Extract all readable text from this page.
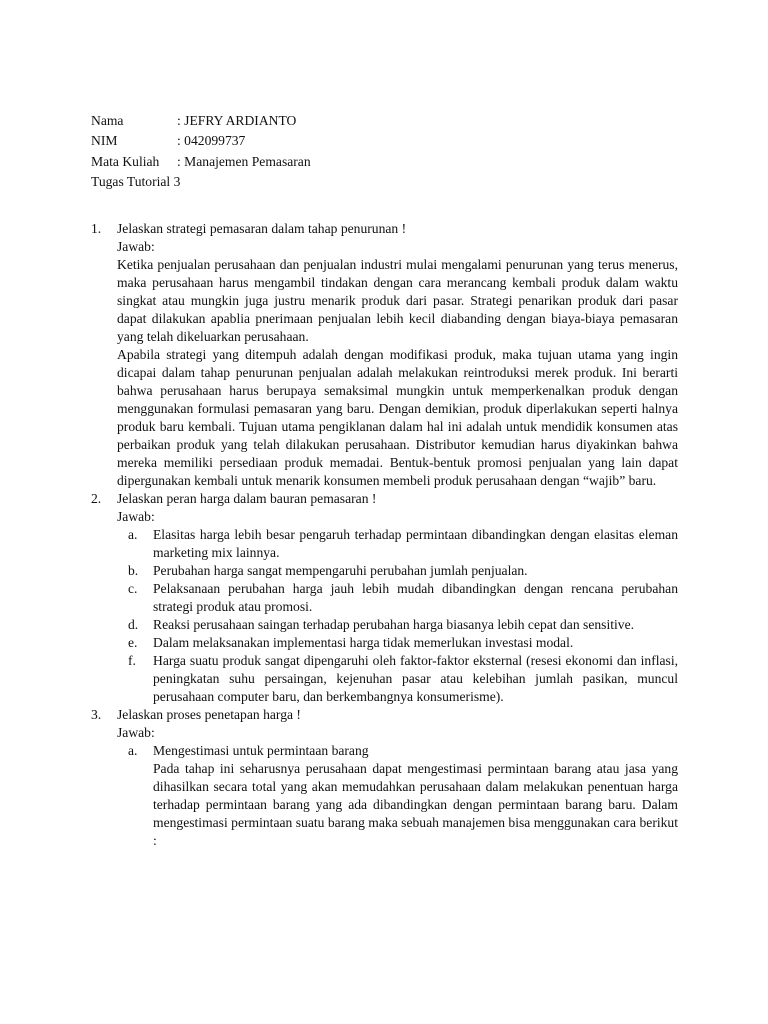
Nama	: JEFRY ARDIANTO
NIM	: 042099737
Mata Kuliah	: Manajemen Pemasaran
Tugas Tutorial 3
1. Jelaskan strategi pemasaran dalam tahap penurunan !
Jawab:

Ketika penjualan perusahaan dan penjualan industri mulai mengalami penurunan yang terus menerus, maka perusahaan harus mengambil tindakan dengan cara merancang kembali produk dalam waktu singkat atau mungkin juga justru menarik produk dari pasar. Strategi penarikan produk dari pasar dapat dilakukan apablia pnerimaan penjualan lebih kecil diabanding dengan biaya-biaya pemasaran yang telah dikeluarkan perusahaan.

Apabila strategi yang ditempuh adalah dengan modifikasi produk, maka tujuan utama yang ingin dicapai dalam tahap penurunan penjualan adalah melakukan reintroduksi merek produk. Ini berarti bahwa perusahaan harus berupaya semaksimal mungkin untuk memperkenalkan produk dengan menggunakan formulasi pemasaran yang baru. Dengan demikian, produk diperlakukan seperti halnya produk baru kembali. Tujuan utama pengiklanan dalam hal ini adalah untuk mendidik konsumen atas perbaikan produk yang telah dilakukan perusahaan. Distributor kemudian harus diyakinkan bahwa mereka memiliki persediaan produk memadai. Bentuk-bentuk promosi penjualan yang lain dapat dipergunakan kembali untuk menarik konsumen membeli produk perusahaan dengan “wajib” baru.

2. Jelaskan peran harga dalam bauran pemasaran !
Jawab:
a. Elasitas harga lebih besar pengaruh terhadap permintaan dibandingkan dengan elasitas eleman marketing mix lainnya.
b. Perubahan harga sangat mempengaruhi perubahan jumlah penjualan.
c. Pelaksanaan perubahan harga jauh lebih mudah dibandingkan dengan rencana perubahan strategi produk atau promosi.
d. Reaksi perusahaan saingan terhadap perubahan harga biasanya lebih cepat dan sensitive.
e. Dalam melaksanakan implementasi harga tidak memerlukan investasi modal.
f. Harga suatu produk sangat dipengaruhi oleh faktor-faktor eksternal (resesi ekonomi dan inflasi, peningkatan suhu persaingan, kejenuhan pasar atau kelebihan jumlah pasikan, muncul perusahaan computer baru, dan berkembangnya konsumerisme).
3. Jelaskan proses penetapan harga !
Jawab:
a. Mengestimasi untuk permintaan barang
Pada tahap ini seharusnya perusahaan dapat mengestimasi permintaan barang atau jasa yang dihasilkan secara total yang akan memudahkan perusahaan dalam melakukan penentuan harga terhadap permintaan barang yang ada dibandingkan dengan permintaan barang baru. Dalam mengestimasi permintaan suatu barang maka sebuah manajemen bisa menggunakan cara berikut :
